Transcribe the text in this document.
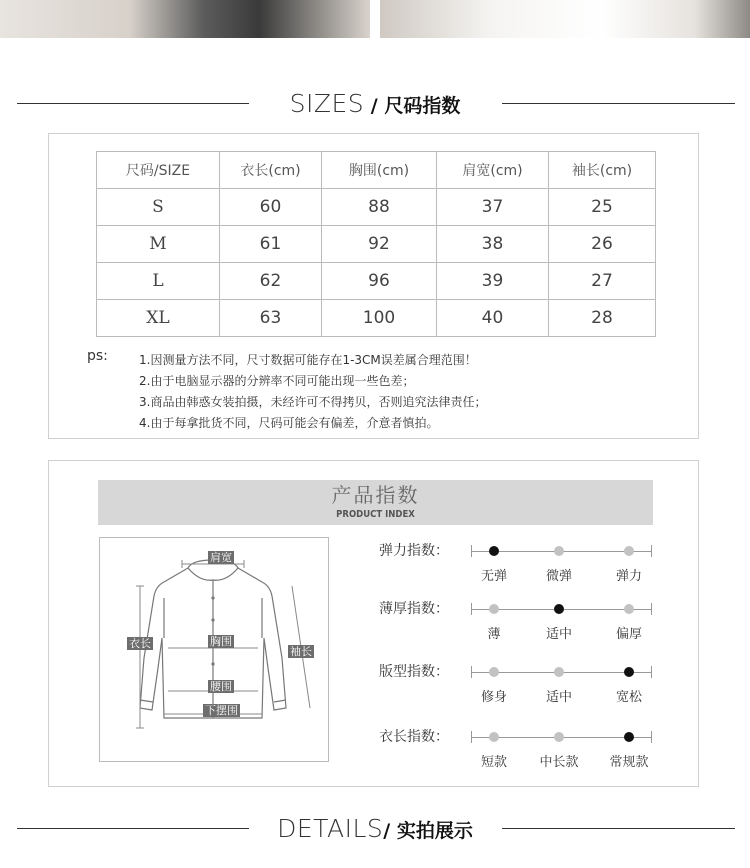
SIZES / 尺码指数
尺码/SIZE	衣长(cm)	胸围(cm)	肩宽(cm)	袖长(cm)
S	60	88	37	25
M	61	92	38	26
L	62	96	39	27
XL	63	100	40	28
ps:	1.因测量方法不同，尺寸数据可能存在1-3CM误差属合理范围！
2.由于电脑显示器的分辨率不同可能出现一些色差；
3.商品由韩惑女装拍摄，未经许可不得拷贝，否则追究法律责任；
4.由于每拿批货不同，尺码可能会有偏差，介意者慎拍。
产品指数
PRODUCT INDEX
肩宽
衣长	胸围
袖长
腰围
下摆围
弹力指数：
无弹	微弹	弹力
薄厚指数：
薄	适中	偏厚
版型指数：
修身	适中	宽松
衣长指数：
短款 中长款 常规款
DETAILS/ 实拍展示
